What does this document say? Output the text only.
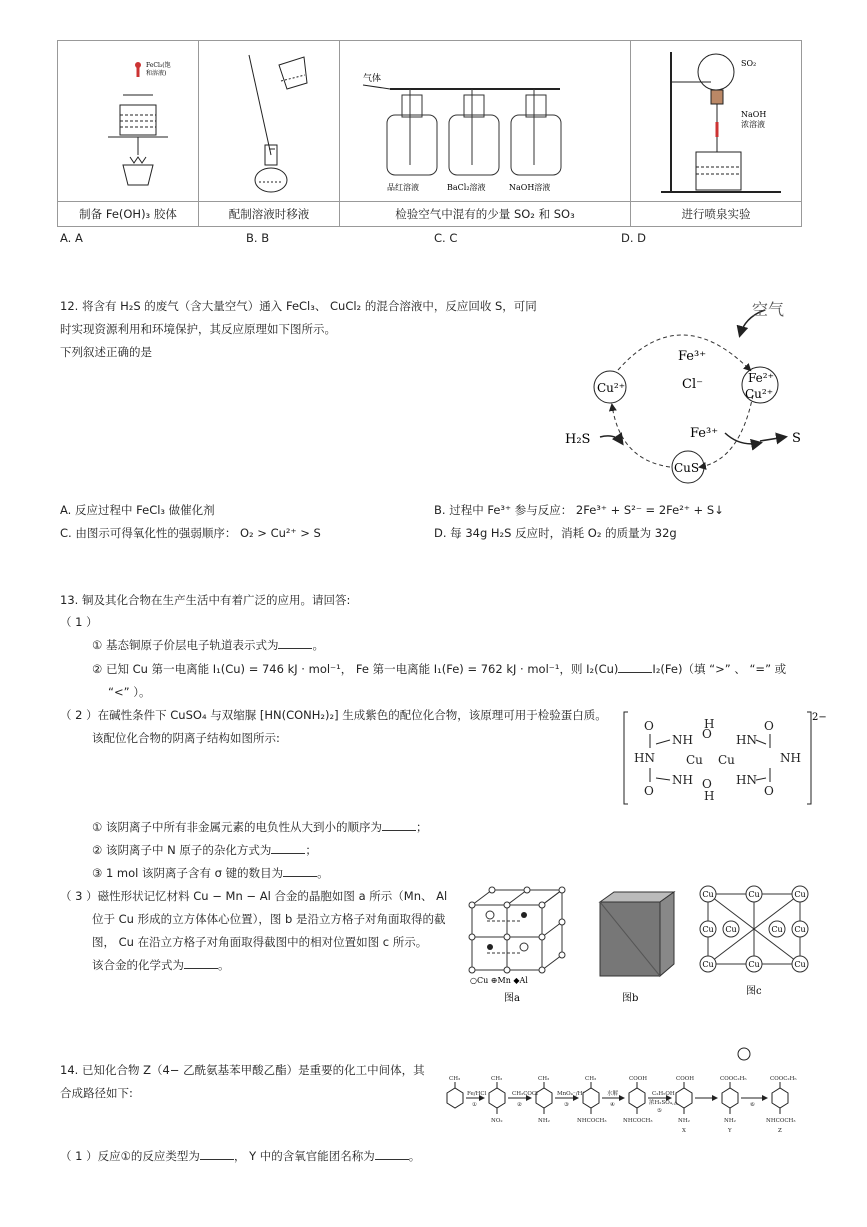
FeCl₃(饱
和溶液)		气体
品红溶液 BaCl₂溶液 NaOH溶液	SO₂
NaOH
浓溶液

制备 Fe(OH)₃ 胶体	配制溶液时移液	检验空气中混有的少量 SO₂ 和 SO₃	进行喷泉实验
A. A	B. B	C. C	D. D
12. 将含有 H₂S 的废气（含大量空气）通入 FeCl₃、 CuCl₂ 的混合溶液中，反应回收 S，可同
时实现资源利用和环境保护，其反应原理如下图所示。
下列叙述正确的是
空气
Fe³⁺
Cl⁻
Cu²⁺
Fe²⁺
Cu²⁺
H₂S	Fe³⁺	S
CuS
A. 反应过程中 FeCl₃ 做催化剂	B. 过程中 Fe³⁺ 参与反应： 2Fe³⁺ + S²⁻ = 2Fe²⁺ + S↓
C. 由图示可得氧化性的强弱顺序： O₂ > Cu²⁺ > S	D. 每 34g H₂S 反应时，消耗 O₂ 的质量为 32g
13. 铜及其化合物在生产生活中有着广泛的应用。请回答:
（ 1 ）
① 基态铜原子价层电子轨道表示式为	。
② 已知 Cu 第一电离能 I₁(Cu) = 746 kJ · mol⁻¹， Fe 第一电离能 I₁(Fe) = 762 kJ · mol⁻¹，则 I₂(Cu)	I₂(Fe)（填 “>” 、 “=” 或
“<” ）。
（ 2 ）在碱性条件下 CuSO₄ 与双缩脲 [HN(CONH₂)₂] 生成紫色的配位化合物，该原理可用于检验蛋白质。
该配位化合物的阴离子结构如图所示:
2−
O
HN
O
NH
NH
Cu
O
H
O
H
Cu
HN
HN
O
NH
O
① 该阴离子中所有非金属元素的电负性从大到小的顺序为	；
② 该阴离子中 N 原子的杂化方式为	；
③ 1 mol 该阴离子含有 σ 键的数目为	。
（ 3 ）磁性形状记忆材料 Cu − Mn − Al 合金的晶胞如图 a 所示（Mn、 Al
位于 Cu 形成的立方体体心位置），图 b 是沿立方格子对角面取得的截
图， Cu 在沿立方格子对角面取得截图中的相对位置如图 c 所示。
该合金的化学式为	。
○Cu ⊕Mn ◆Al
图a	图b
Cu	Cu	Cu
Cu	Cu
Cu	Cu
Cu	Cu	Cu
图c
14. 已知化合物 Z（4− 乙酰氨基苯甲酸乙酯）是重要的化工中间体，其
合成路径如下:
CH₃	CH₃
NO₂
CH₃
NH₂
CH₃
NHCOCH₃
COOH
NHCOCH₃
COOH
NH₂
COOC₂H₅
NH₂
COOC₂H₅
NHCOCH₃
Fe/HCl
①
CH₃COCl
②
MnO₄⁻/H⁺
③
水解
④
C₂H₅OH
浓H₂SO₄,△
⑤
⑥
X	Y	Z
（ 1 ）反应①的反应类型为	， Y 中的含氧官能团名称为	。
